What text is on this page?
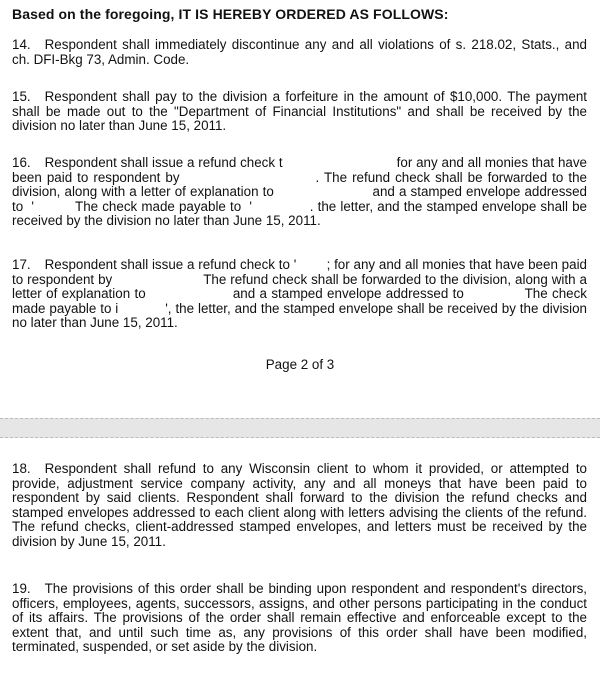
Based on the foregoing, IT IS HEREBY ORDERED AS FOLLOWS:

14. Respondent shall immediately discontinue any and all violations of s. 218.02, Stats., and ch. DFI-Bkg 73, Admin. Code.

15. Respondent shall pay to the division a forfeiture in the amount of $10,000. The payment shall be made out to the "Department of Financial Institutions" and shall be received by the division no later than June 15, 2011.

16. Respondent shall issue a refund check t                              for any and all monies that have been paid to respondent by                           . The refund check shall be forwarded to the division, along with a letter of explanation to                        and a stamped envelope addressed to  '          The check made payable to  '              . the letter, and the stamped envelope shall be received by the division no later than June 15, 2011.

17. Respondent shall issue a refund check to '        ; for any and all monies that have been paid to respondent by                       The refund check shall be forwarded to the division, along with a letter of explanation to                    and a stamped envelope addressed to              The check made payable to i            ', the letter, and the stamped envelope shall be received by the division no later than June 15, 2011.

Page 2 of 3

18. Respondent shall refund to any Wisconsin client to whom it provided, or attempted to provide, adjustment service company activity, any and all moneys that have been paid to respondent by said clients. Respondent shall forward to the division the refund checks and stamped envelopes addressed to each client along with letters advising the clients of the refund. The refund checks, client-addressed stamped envelopes, and letters must be received by the division by June 15, 2011.

19. The provisions of this order shall be binding upon respondent and respondent's directors, officers, employees, agents, successors, assigns, and other persons participating in the conduct of its affairs. The provisions of the order shall remain effective and enforceable except to the extent that, and until such time as, any provisions of this order shall have been modified, terminated, suspended, or set aside by the division.
